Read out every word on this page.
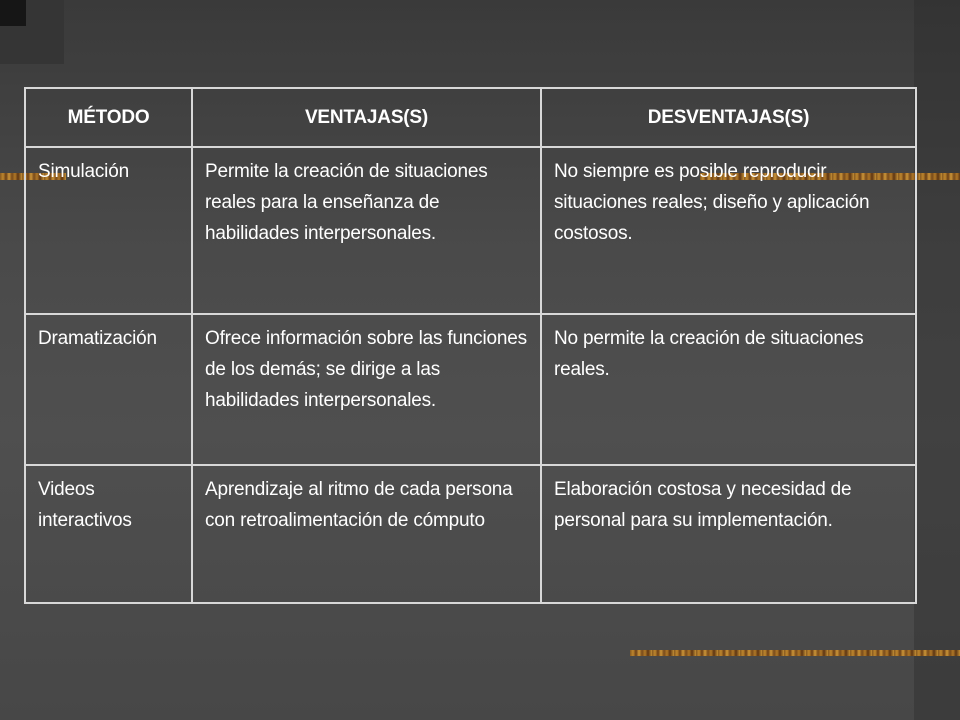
MÉTODO	VENTAJAS(S)	DESVENTAJAS(S)
Simulación	Permite la creación de situaciones reales para la enseñanza de habilidades interpersonales.	No siempre es posible reproducir situaciones reales; diseño y aplicación costosos.
Dramatización	Ofrece información sobre las funciones de los demás; se dirige a las habilidades interpersonales.	No permite la creación de situaciones reales.
Videos interactivos	Aprendizaje al ritmo de cada persona con retroalimentación de cómputo	Elaboración costosa y necesidad de personal para su implementación.
